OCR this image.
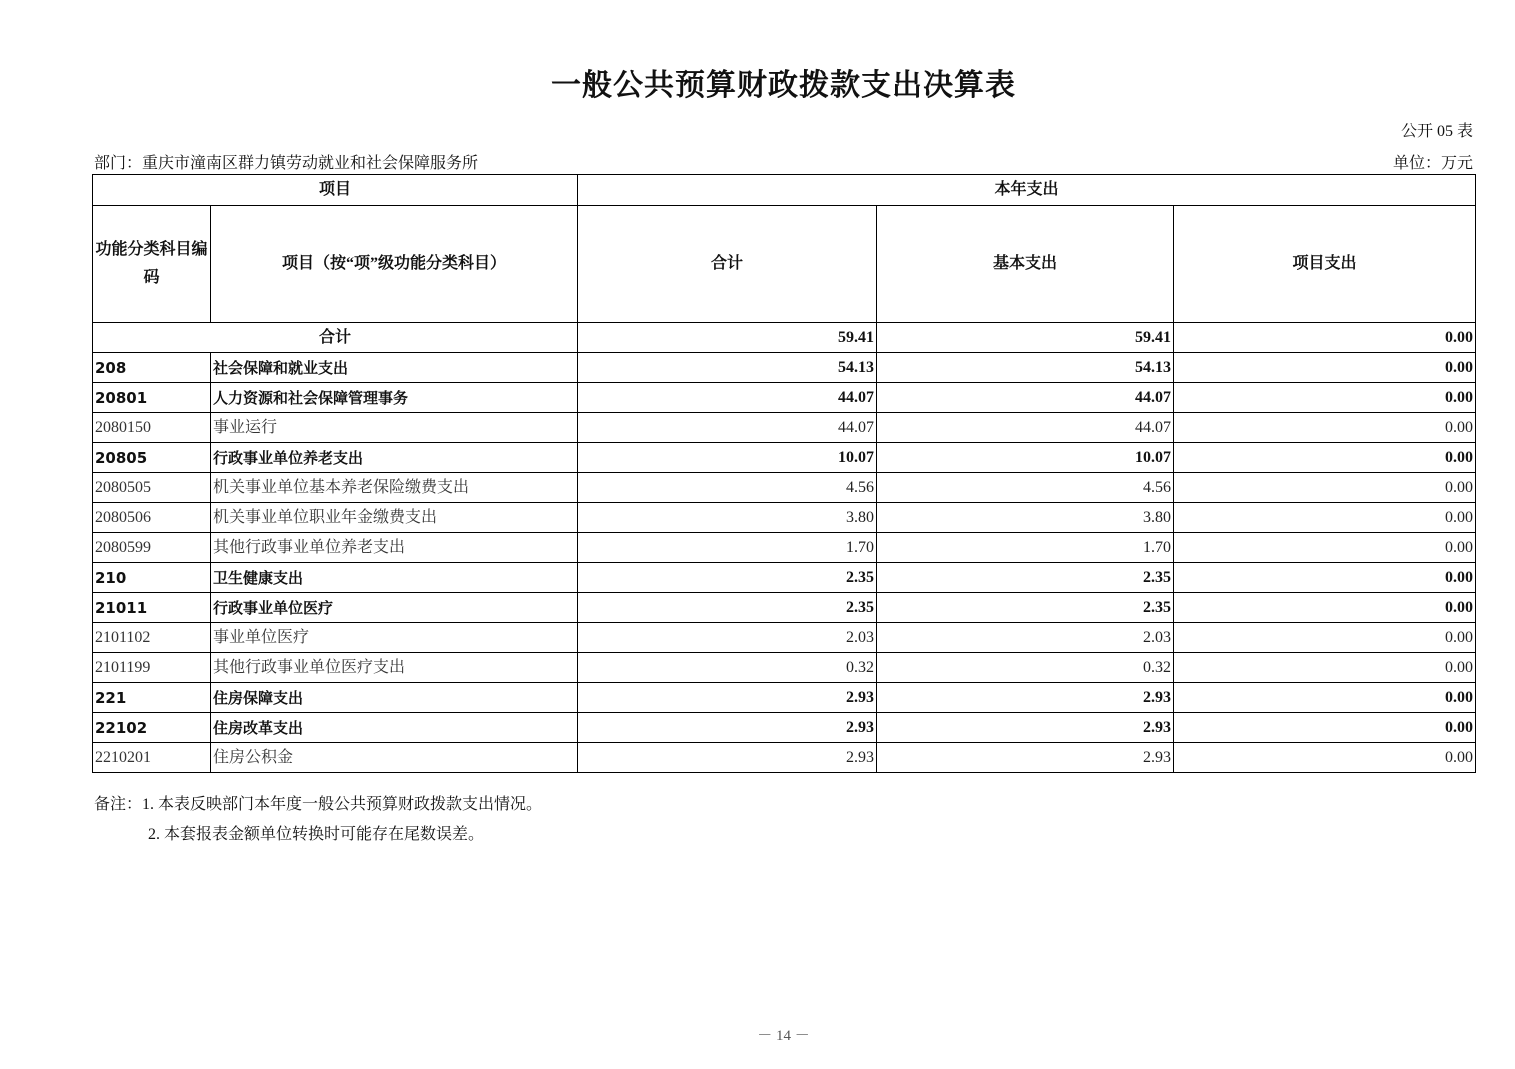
一般公共预算财政拨款支出决算表
公开 05 表
部门：重庆市潼南区群力镇劳动就业和社会保障服务所	单位：万元
项目		本年支出		
功能分类科目编码	项目（按“项”级功能分类科目）	合计	基本支出	项目支出
合计		59.41	59.41	0.00
208	社会保障和就业支出	54.13	54.13	0.00
20801	人力资源和社会保障管理事务	44.07	44.07	0.00
2080150	事业运行	44.07	44.07	0.00
20805	行政事业单位养老支出	10.07	10.07	0.00
2080505	机关事业单位基本养老保险缴费支出	4.56	4.56	0.00
2080506	机关事业单位职业年金缴费支出	3.80	3.80	0.00
2080599	其他行政事业单位养老支出	1.70	1.70	0.00
210	卫生健康支出	2.35	2.35	0.00
21011	行政事业单位医疗	2.35	2.35	0.00
2101102	事业单位医疗	2.03	2.03	0.00
2101199	其他行政事业单位医疗支出	0.32	0.32	0.00
221	住房保障支出	2.93	2.93	0.00
22102	住房改革支出	2.93	2.93	0.00
2210201	住房公积金	2.93	2.93	0.00
备注：1. 本表反映部门本年度一般公共预算财政拨款支出情况。
2. 本套报表金额单位转换时可能存在尾数误差。
－ 14 －
